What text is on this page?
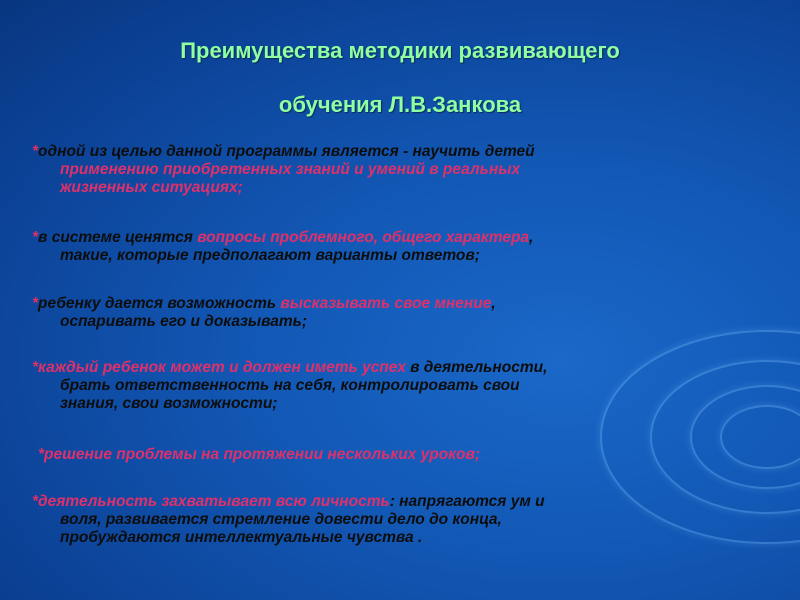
Преимущества методики развивающего
обучения Л.В.Занкова
*одной из целью данной программы является - научить детей
применению приобретенных знаний и умений в реальных
жизненных ситуациях;
*в системе ценятся вопросы проблемного, общего характера,
такие, которые предполагают варианты ответов;
*ребенку дается возможность высказывать свое мнение,
оспаривать его и доказывать;
*каждый ребенок может и должен иметь успех в деятельности,
брать ответственность на себя, контролировать свои
знания, свои возможности;
*решение проблемы на протяжении нескольких уроков;
*деятельность захватывает всю личность: напрягаются ум и
воля, развивается стремление довести дело до конца,
пробуждаются интеллектуальные чувства .
